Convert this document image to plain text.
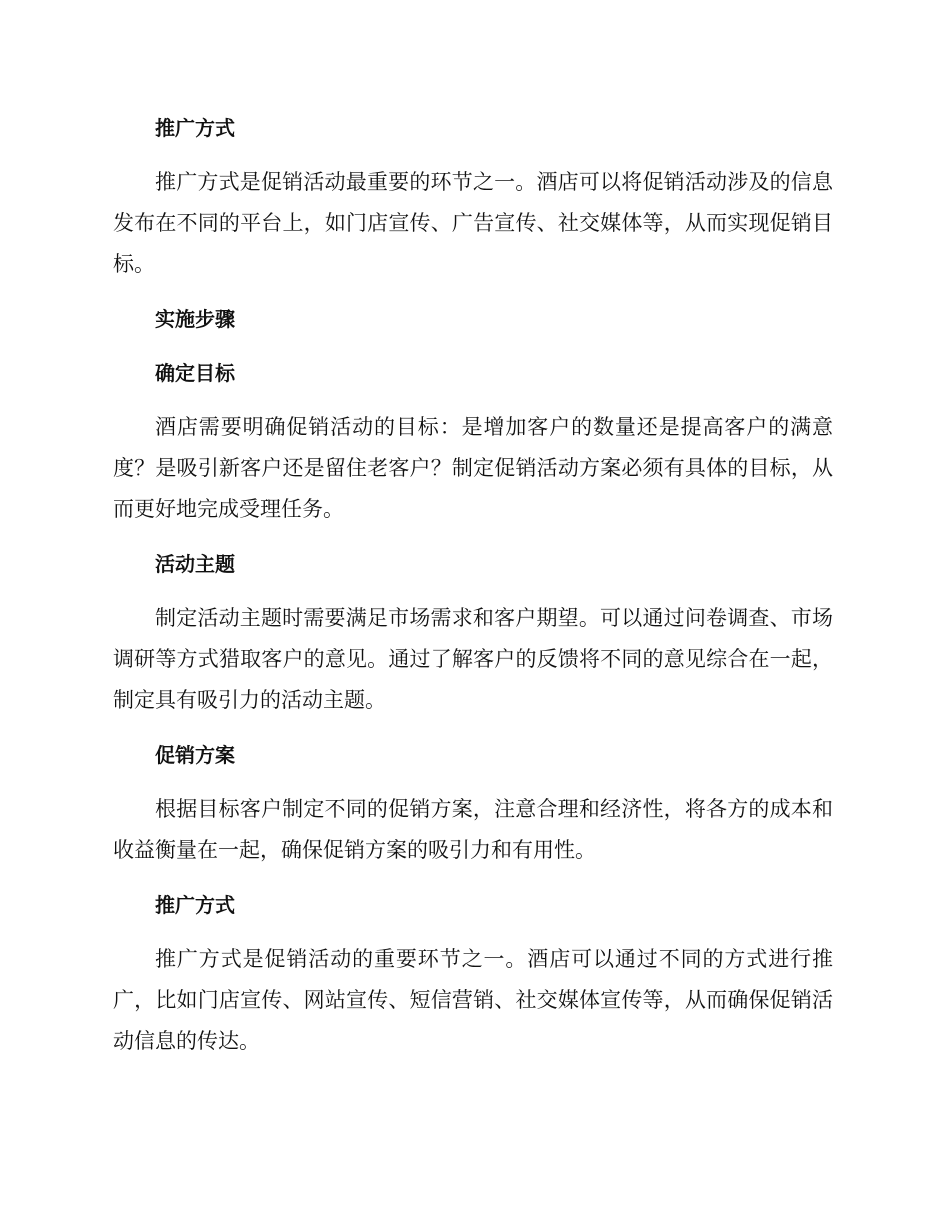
推广方式

推广方式是促销活动最重要的环节之一。酒店可以将促销活动涉及的信息发布在不同的平台上，如门店宣传、广告宣传、社交媒体等，从而实现促销目标。

实施步骤
确定目标

酒店需要明确促销活动的目标：是增加客户的数量还是提高客户的满意度？是吸引新客户还是留住老客户？制定促销活动方案必须有具体的目标，从而更好地完成受理任务。

活动主题

制定活动主题时需要满足市场需求和客户期望。可以通过问卷调查、市场调研等方式猎取客户的意见。通过了解客户的反馈将不同的意见综合在一起，制定具有吸引力的活动主题。

促销方案

根据目标客户制定不同的促销方案，注意合理和经济性，将各方的成本和收益衡量在一起，确保促销方案的吸引力和有用性。

推广方式

推广方式是促销活动的重要环节之一。酒店可以通过不同的方式进行推广，比如门店宣传、网站宣传、短信营销、社交媒体宣传等，从而确保促销活动信息的传达。
